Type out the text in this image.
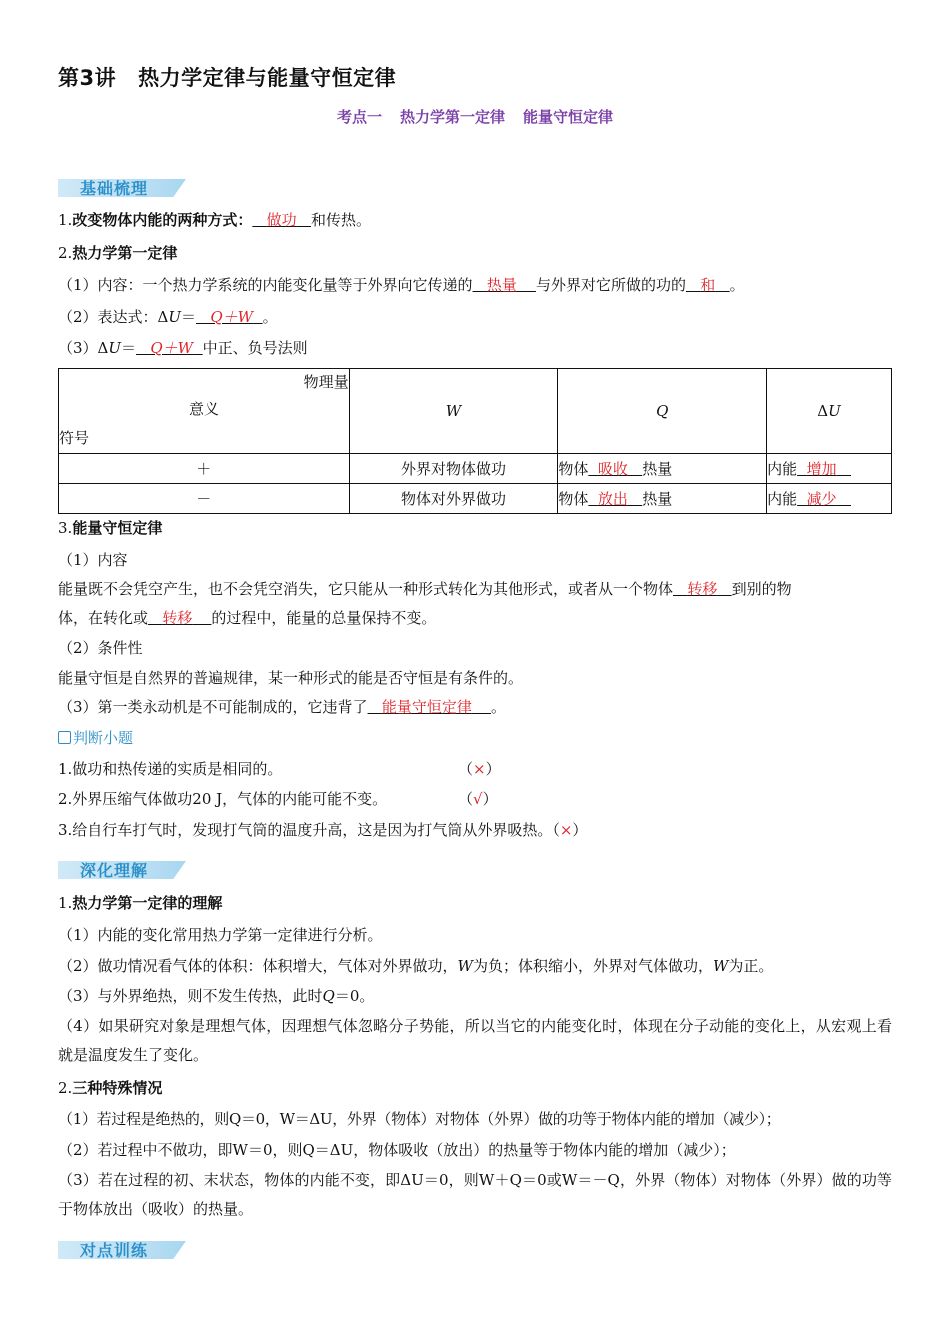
第3讲 热力学定律与能量守恒定律
考点一 热力学第一定律 能量守恒定律
基础梳理
1.改变物体内能的两种方式： 做功 和传热。
2.热力学第一定律
（1）内容：一个热力学系统的内能变化量等于外界向它传递的 热量 与外界对它所做的功的 和 。
（2）表达式：ΔU＝ Q＋W 。
（3）ΔU＝ Q＋W 中正、负号法则
物理量
意义
符号	W	Q	ΔU
＋	外界对物体做功	物体 吸收 热量	内能 增加
－	物体对外界做功	物体 放出 热量	内能 减少
3.能量守恒定律
（1）内容
能量既不会凭空产生，也不会凭空消失，它只能从一种形式转化为其他形式，或者从一个物体 转移 到别的物
体，在转化或 转移 的过程中，能量的总量保持不变。
（2）条件性
能量守恒是自然界的普遍规律，某一种形式的能是否守恒是有条件的。
（3）第一类永动机是不可能制成的，它违背了 能量守恒定律 。
判断小题
1.做功和热传递的实质是相同的。	（×）
2.外界压缩气体做功20 J，气体的内能可能不变。	（√）
3.给自行车打气时，发现打气筒的温度升高，这是因为打气筒从外界吸热。（×）
深化理解
1.热力学第一定律的理解
（1）内能的变化常用热力学第一定律进行分析。
（2）做功情况看气体的体积：体积增大，气体对外界做功，W为负；体积缩小，外界对气体做功，W为正。
（3）与外界绝热，则不发生传热，此时Q＝0。
（4）如果研究对象是理想气体，因理想气体忽略分子势能，所以当它的内能变化时，体现在分子动能的变化上，从宏观上看就是温度发生了变化。
2.三种特殊情况
（1）若过程是绝热的，则Q＝0，W＝ΔU，外界（物体）对物体（外界）做的功等于物体内能的增加（减少）；
（2）若过程中不做功，即W＝0，则Q＝ΔU，物体吸收（放出）的热量等于物体内能的增加（减少）；
（3）若在过程的初、末状态，物体的内能不变，即ΔU＝0，则W＋Q＝0或W＝－Q，外界（物体）对物体（外界）做的功等于物体放出（吸收）的热量。
对点训练
